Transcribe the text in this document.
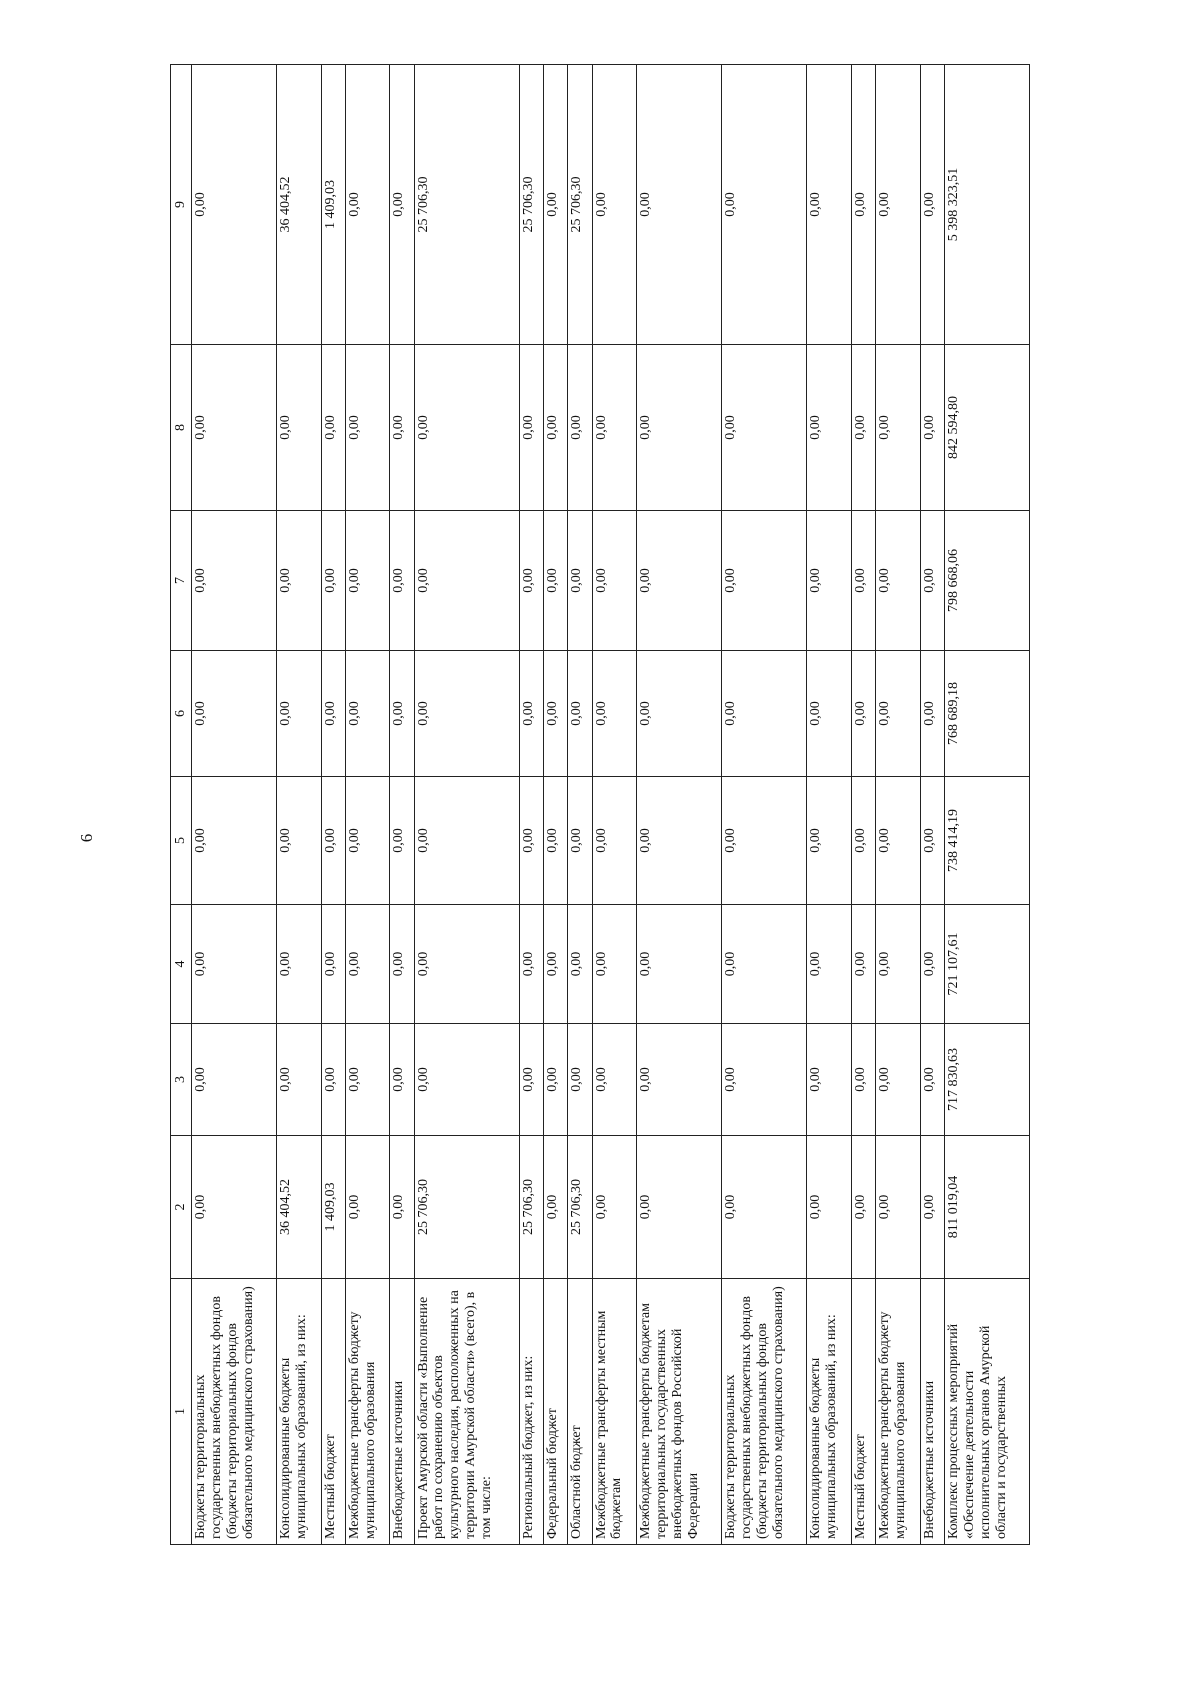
6
1	2	3	4	5	6	7	8	9
Бюджеты территориальных государственных внебюджетных фондов (бюджеты территориальных фондов обязательного медицинского страхования)	0,00	0,00	0,00	0,00	0,00	0,00	0,00	0,00
Консолидированные бюджеты муниципальных образований, из них:	36 404,52	0,00	0,00	0,00	0,00	0,00	0,00	36 404,52
Местный бюджет	1 409,03	0,00	0,00	0,00	0,00	0,00	0,00	1 409,03
Межбюджетные трансферты бюджету муниципального образования	0,00	0,00	0,00	0,00	0,00	0,00	0,00	0,00
Внебюджетные источники	0,00	0,00	0,00	0,00	0,00	0,00	0,00	0,00
Проект Амурской области «Выполнение работ по сохранению объектов культурного наследия, расположенных на территории Амурской области» (всего), в том числе:	25 706,30	0,00	0,00	0,00	0,00	0,00	0,00	25 706,30
Региональный бюджет, из них:	25 706,30	0,00	0,00	0,00	0,00	0,00	0,00	25 706,30
Федеральный бюджет	0,00	0,00	0,00	0,00	0,00	0,00	0,00	0,00
Областной бюджет	25 706,30	0,00	0,00	0,00	0,00	0,00	0,00	25 706,30
Межбюджетные трансферты местным бюджетам	0,00	0,00	0,00	0,00	0,00	0,00	0,00	0,00
Межбюджетные трансферты бюджетам территориальных государственных внебюджетных фондов Российской Федерации	0,00	0,00	0,00	0,00	0,00	0,00	0,00	0,00
Бюджеты территориальных государственных внебюджетных фондов (бюджеты территориальных фондов обязательного медицинского страхования)	0,00	0,00	0,00	0,00	0,00	0,00	0,00	0,00
Консолидированные бюджеты муниципальных образований, из них:	0,00	0,00	0,00	0,00	0,00	0,00	0,00	0,00
Местный бюджет	0,00	0,00	0,00	0,00	0,00	0,00	0,00	0,00
Межбюджетные трансферты бюджету муниципального образования	0,00	0,00	0,00	0,00	0,00	0,00	0,00	0,00
Внебюджетные источники	0,00	0,00	0,00	0,00	0,00	0,00	0,00	0,00
Комплекс процессных мероприятий «Обеспечение деятельности исполнительных органов Амурской области и государственных	811 019,04	717 830,63	721 107,61	738 414,19	768 689,18	798 668,06	842 594,80	5 398 323,51
